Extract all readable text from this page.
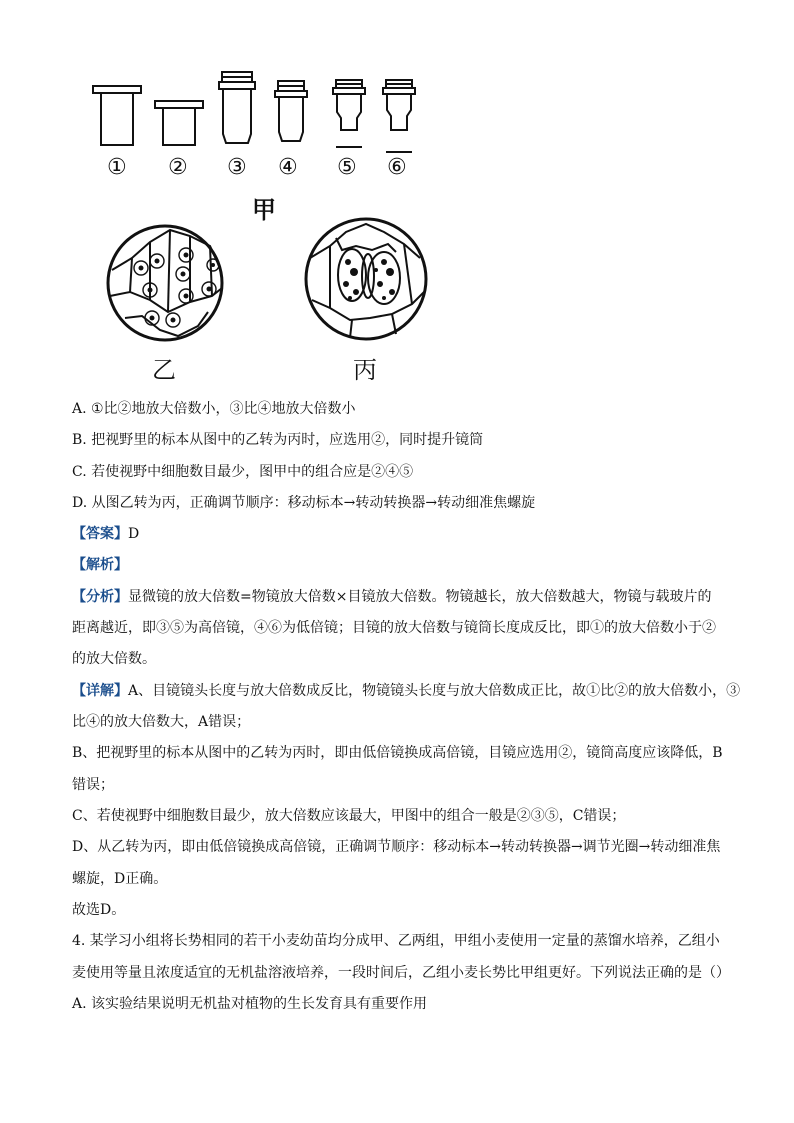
① ② ③ ④ ⑤ ⑥
甲
乙	丙
A. ①比②地放大倍数小，③比④地放大倍数小
B. 把视野里的标本从图中的乙转为丙时，应选用②，同时提升镜筒
C. 若使视野中细胞数目最少，图甲中的组合应是②④⑤
D. 从图乙转为丙，正确调节顺序：移动标本→转动转换器→转动细准焦螺旋
【答案】D
【解析】
【分析】显微镜的放大倍数=物镜放大倍数×目镜放大倍数。物镜越长，放大倍数越大，物镜与载玻片的
距离越近，即③⑤为高倍镜，④⑥为低倍镜；目镜的放大倍数与镜筒长度成反比，即①的放大倍数小于②
的放大倍数。
【详解】A、目镜镜头长度与放大倍数成反比，物镜镜头长度与放大倍数成正比，故①比②的放大倍数小，③
比④的放大倍数大，A错误；
B、把视野里的标本从图中的乙转为丙时，即由低倍镜换成高倍镜，目镜应选用②，镜筒高度应该降低，B
错误；
C、若使视野中细胞数目最少，放大倍数应该最大，甲图中的组合一般是②③⑤，C错误；
D、从乙转为丙，即由低倍镜换成高倍镜，正确调节顺序：移动标本→转动转换器→调节光圈→转动细准焦
螺旋，D正确。
故选D。
4. 某学习小组将长势相同的若干小麦幼苗均分成甲、乙两组，甲组小麦使用一定量的蒸馏水培养，乙组小
麦使用等量且浓度适宜的无机盐溶液培养，一段时间后，乙组小麦长势比甲组更好。下列说法正确的是（）
A. 该实验结果说明无机盐对植物的生长发育具有重要作用
